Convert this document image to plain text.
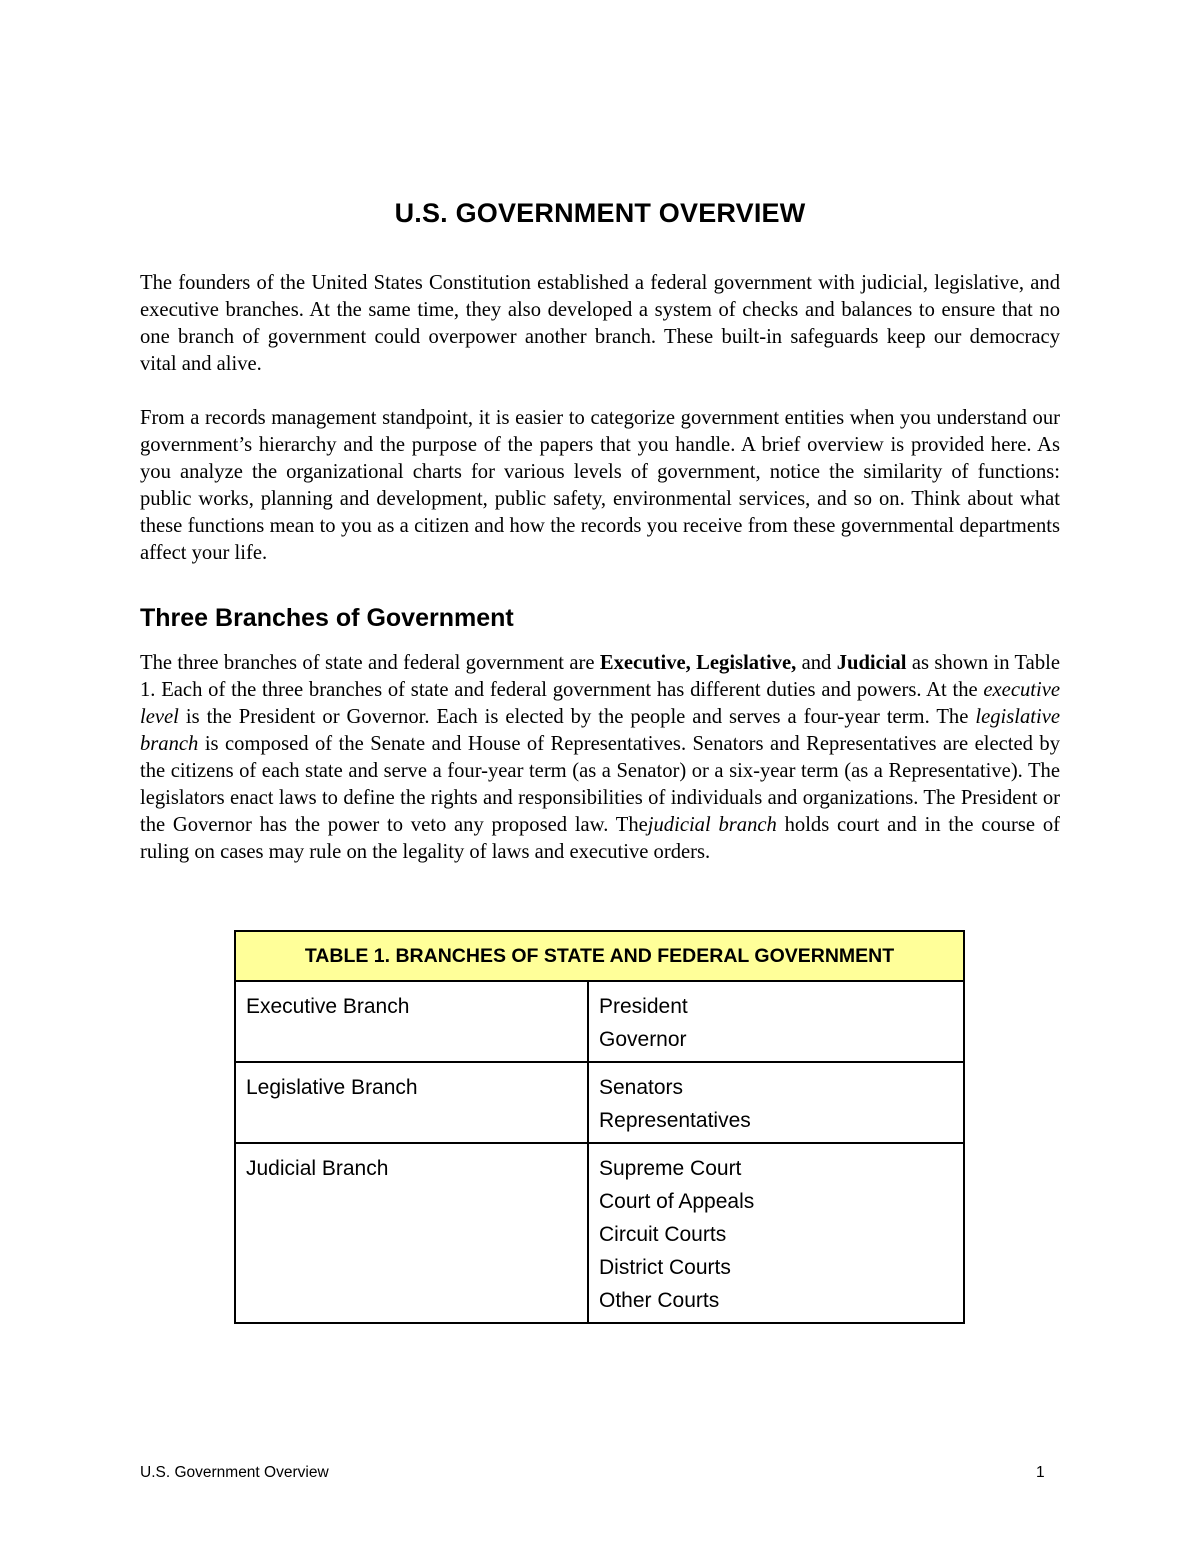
U.S. GOVERNMENT OVERVIEW

The founders of the United States Constitution established a federal government with judicial, legislative, and executive branches. At the same time, they also developed a system of checks and balances to ensure that no one branch of government could overpower another branch. These built-in safeguards keep our democracy vital and alive.

From a records management standpoint, it is easier to categorize government entities when you understand our government’s hierarchy and the purpose of the papers that you handle. A brief overview is provided here. As you analyze the organizational charts for various levels of government, notice the similarity of functions: public works, planning and development, public safety, environmental services, and so on. Think about what these functions mean to you as a citizen and how the records you receive from these governmental departments affect your life.

Three Branches of Government

The three branches of state and federal government are Executive, Legislative, and Judicial as shown in Table 1. Each of the three branches of state and federal government has different duties and powers. At the executive level is the President or Governor. Each is elected by the people and serves a four-year term. The legislative branch is composed of the Senate and House of Representatives. Senators and Representatives are elected by the citizens of each state and serve a four-year term (as a Senator) or a six-year term (as a Representative). The legislators enact laws to define the rights and responsibilities of individuals and organizations. The President or the Governor has the power to veto any proposed law. Thejudicial branch holds court and in the course of ruling on cases may rule on the legality of laws and executive orders.

TABLE 1. BRANCHES OF STATE AND FEDERAL GOVERNMENT	
Executive Branch	President
Governor

Legislative Branch	Senators
Representatives

Judicial Branch	Supreme Court
Court of Appeals
Circuit Courts
District Courts
Other Courts
U.S. Government Overview	1
